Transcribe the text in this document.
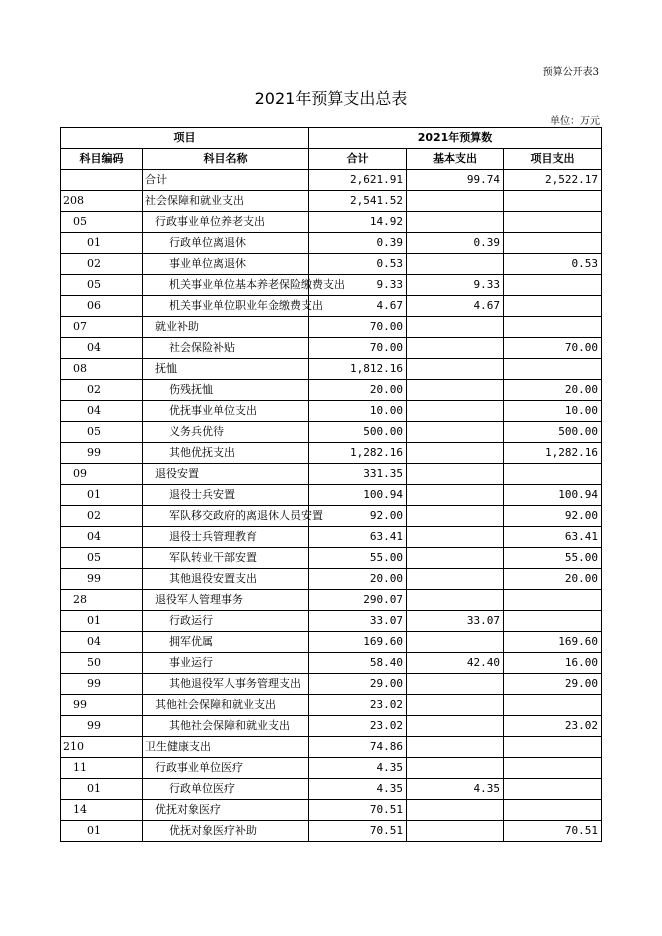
预算公开表3
2021年预算支出总表
单位：万元
项目		2021年预算数		
科目编码	科目名称	合计	基本支出	项目支出
	合计	2,621.91	99.74	2,522.17
208	社会保障和就业支出	2,541.52		
05	行政事业单位养老支出	14.92		
01	行政单位离退休	0.39	0.39	
02	事业单位离退休	0.53		0.53
05	机关事业单位基本养老保险缴费支出	9.33	9.33	
06	机关事业单位职业年金缴费支出	4.67	4.67	
07	就业补助	70.00		
04	社会保险补贴	70.00		70.00
08	抚恤	1,812.16		
02	伤残抚恤	20.00		20.00
04	优抚事业单位支出	10.00		10.00
05	义务兵优待	500.00		500.00
99	其他优抚支出	1,282.16		1,282.16
09	退役安置	331.35		
01	退役士兵安置	100.94		100.94
02	军队移交政府的离退休人员安置	92.00		92.00
04	退役士兵管理教育	63.41		63.41
05	军队转业干部安置	55.00		55.00
99	其他退役安置支出	20.00		20.00
28	退役军人管理事务	290.07		
01	行政运行	33.07	33.07	
04	拥军优属	169.60		169.60
50	事业运行	58.40	42.40	16.00
99	其他退役军人事务管理支出	29.00		29.00
99	其他社会保障和就业支出	23.02		
99	其他社会保障和就业支出	23.02		23.02
210	卫生健康支出	74.86		
11	行政事业单位医疗	4.35		
01	行政单位医疗	4.35	4.35	
14	优抚对象医疗	70.51		
01	优抚对象医疗补助	70.51		70.51
